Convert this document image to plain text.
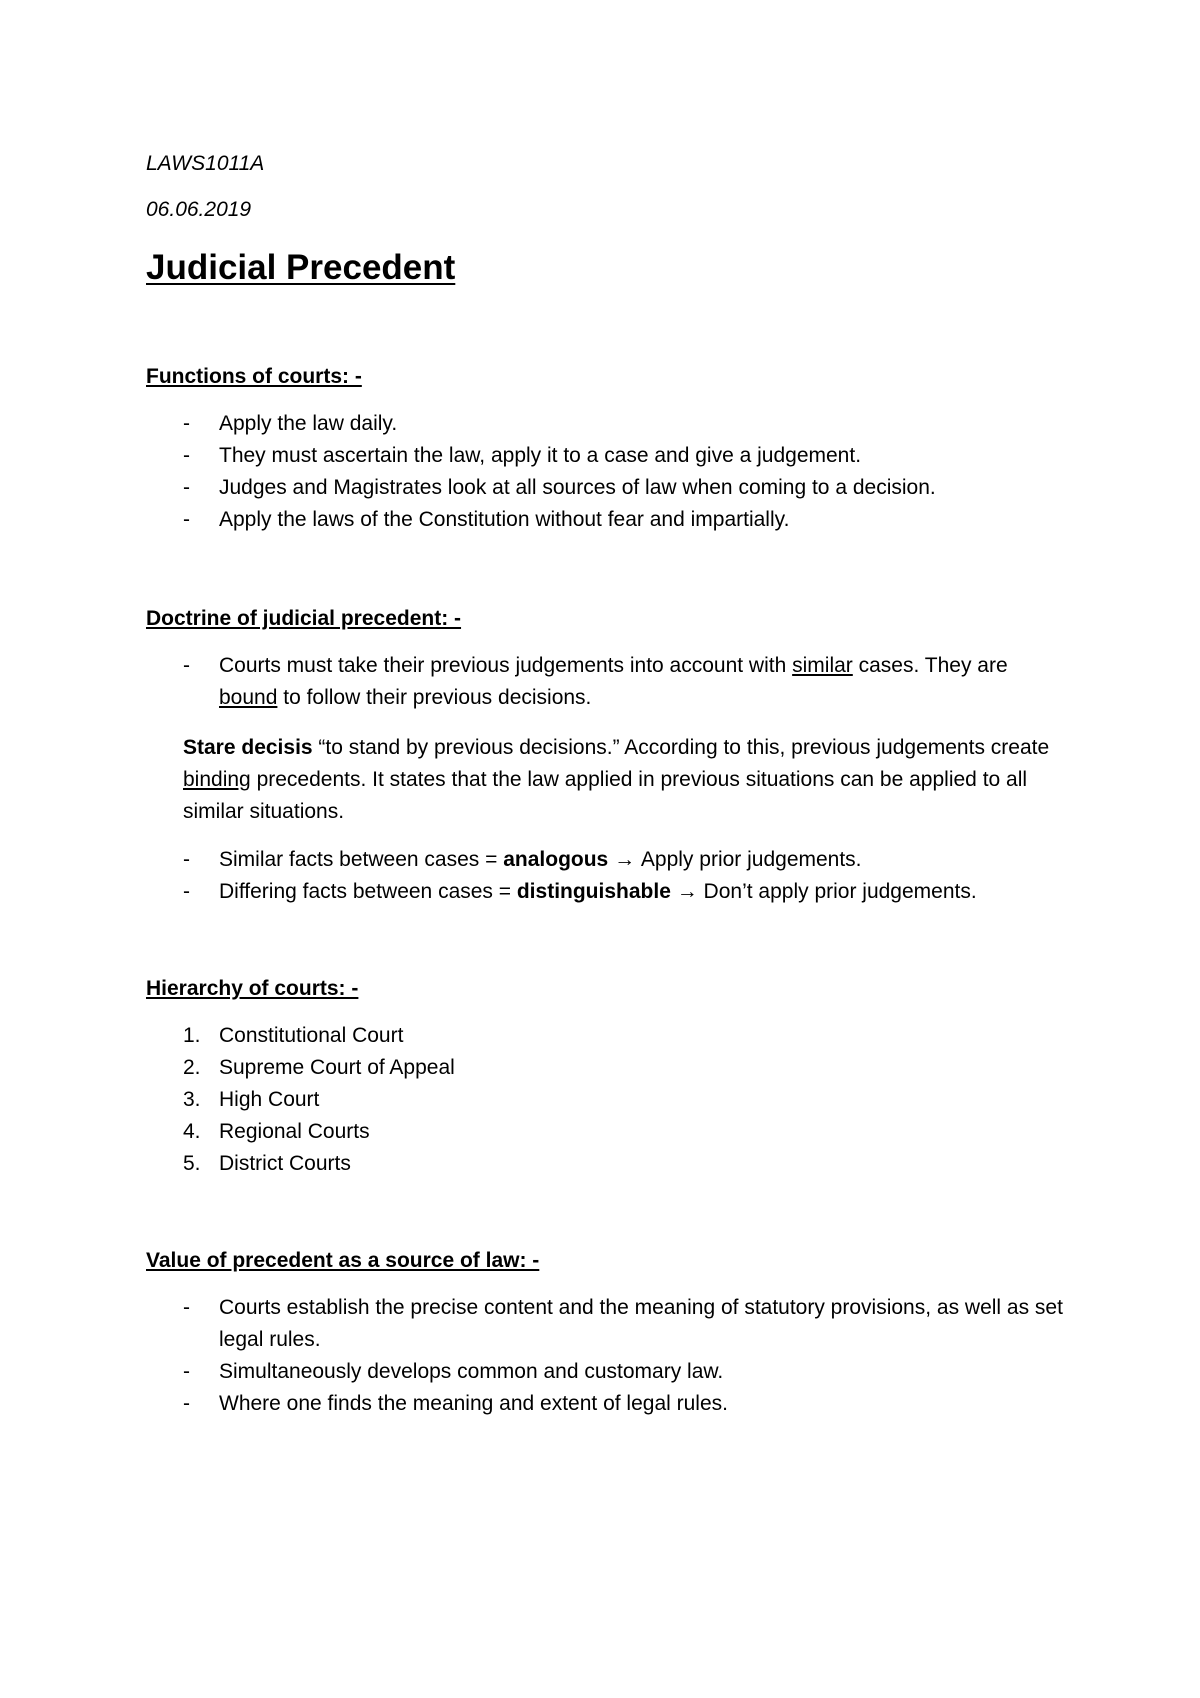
LAWS1011A
06.06.2019
Judicial Precedent
Functions of courts: -
- Apply the law daily.
- They must ascertain the law, apply it to a case and give a judgement.
- Judges and Magistrates look at all sources of law when coming to a decision.
- Apply the laws of the Constitution without fear and impartially.
Doctrine of judicial precedent: -
- Courts must take their previous judgements into account with similar cases. They are
bound to follow their previous decisions.

Stare decisis “to stand by previous decisions.” According to this, previous judgements create binding precedents. It states that the law applied in previous situations can be applied to all similar situations.

- Similar facts between cases = analogous → Apply prior judgements.
- Differing facts between cases = distinguishable → Don’t apply prior judgements.
Hierarchy of courts: -
1. Constitutional Court
2. Supreme Court of Appeal
3. High Court
4. Regional Courts
5. District Courts
Value of precedent as a source of law: -
- Courts establish the precise content and the meaning of statutory provisions, as well as set legal rules.
- Simultaneously develops common and customary law.
- Where one finds the meaning and extent of legal rules.
